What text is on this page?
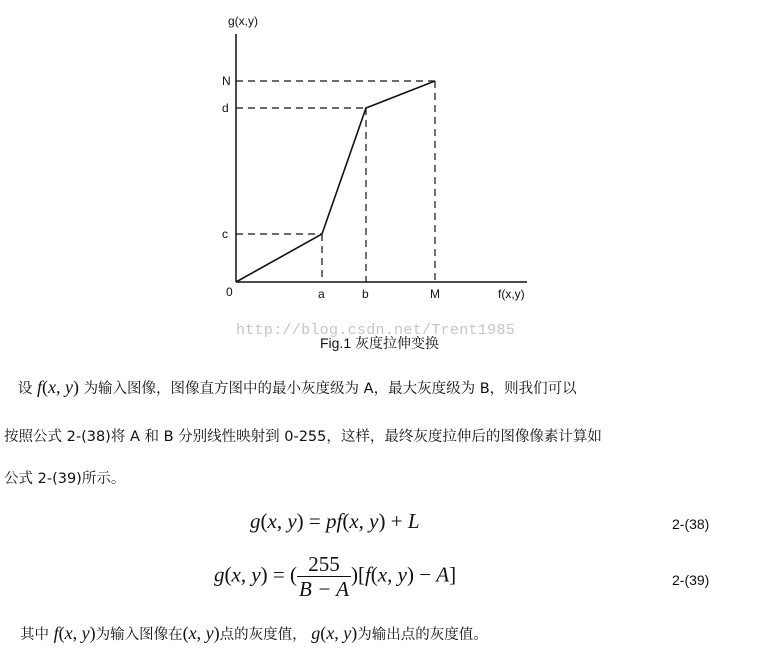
g(x,y)
f(x,y)
0
N
d
c
a	b	M
http://blog.csdn.net/Trent1985
Fig.1 灰度拉伸变换
设 f(x, y) 为输入图像，图像直方图中的最小灰度级为 A，最大灰度级为 B，则我们可以
按照公式 2-(38)将 A 和 B 分别线性映射到 0-255，这样，最终灰度拉伸后的图像像素计算如
公式 2-(39)所示。
g(x, y) = pf(x, y) + L	2-(38)
g(x, y) = ( $\frac{255}{B - A} )[f(x$, y) − A]	2-(39)
其中 f(x, y)为输入图像在(x, y)点的灰度值， g(x, y)为输出点的灰度值。
